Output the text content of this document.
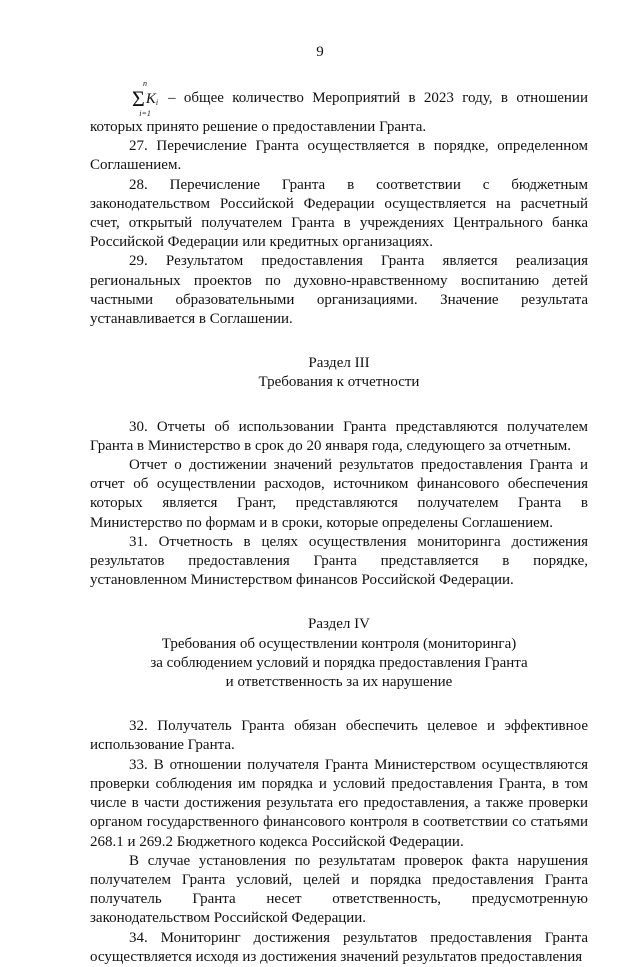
9
n
Σ K i
i=1
– общее количество Мероприятий в 2023 году, в отношении

которых принято решение о предоставлении Гранта.

27. Перечисление Гранта осуществляется в порядке, определенном Соглашением.

28. Перечисление Гранта в соответствии с бюджетным законодательством Российской Федерации осуществляется на расчетный счет, открытый получателем Гранта в учреждениях Центрального банка Российской Федерации или кредитных организациях.

29. Результатом предоставления Гранта является реализация региональных проектов по духовно-нравственному воспитанию детей частными образовательными организациями. Значение результата устанавливается в Соглашении.

Раздел III

Требования к отчетности

30. Отчеты об использовании Гранта представляются получателем Гранта в Министерство в срок до 20 января года, следующего за отчетным.

Отчет о достижении значений результатов предоставления Гранта и отчет об осуществлении расходов, источником финансового обеспечения которых является Грант, представляются получателем Гранта в Министерство по формам и в сроки, которые определены Соглашением.

31. Отчетность в целях осуществления мониторинга достижения результатов предоставления Гранта представляется в порядке, установленном Министерством финансов Российской Федерации.

Раздел IV

Требования об осуществлении контроля (мониторинга)

за соблюдением условий и порядка предоставления Гранта

и ответственность за их нарушение

32. Получатель Гранта обязан обеспечить целевое и эффективное использование Гранта.

33. В отношении получателя Гранта Министерством осуществляются проверки соблюдения им порядка и условий предоставления Гранта, в том числе в части достижения результата его предоставления, а также проверки органом государственного финансового контроля в соответствии со статьями 268.1 и 269.2 Бюджетного кодекса Российской Федерации.

В случае установления по результатам проверок факта нарушения получателем Гранта условий, целей и порядка предоставления Гранта получатель Гранта несет ответственность, предусмотренную законодательством Российской Федерации.

34. Мониторинг достижения результатов предоставления Гранта осуществляется исходя из достижения значений результатов предоставления
